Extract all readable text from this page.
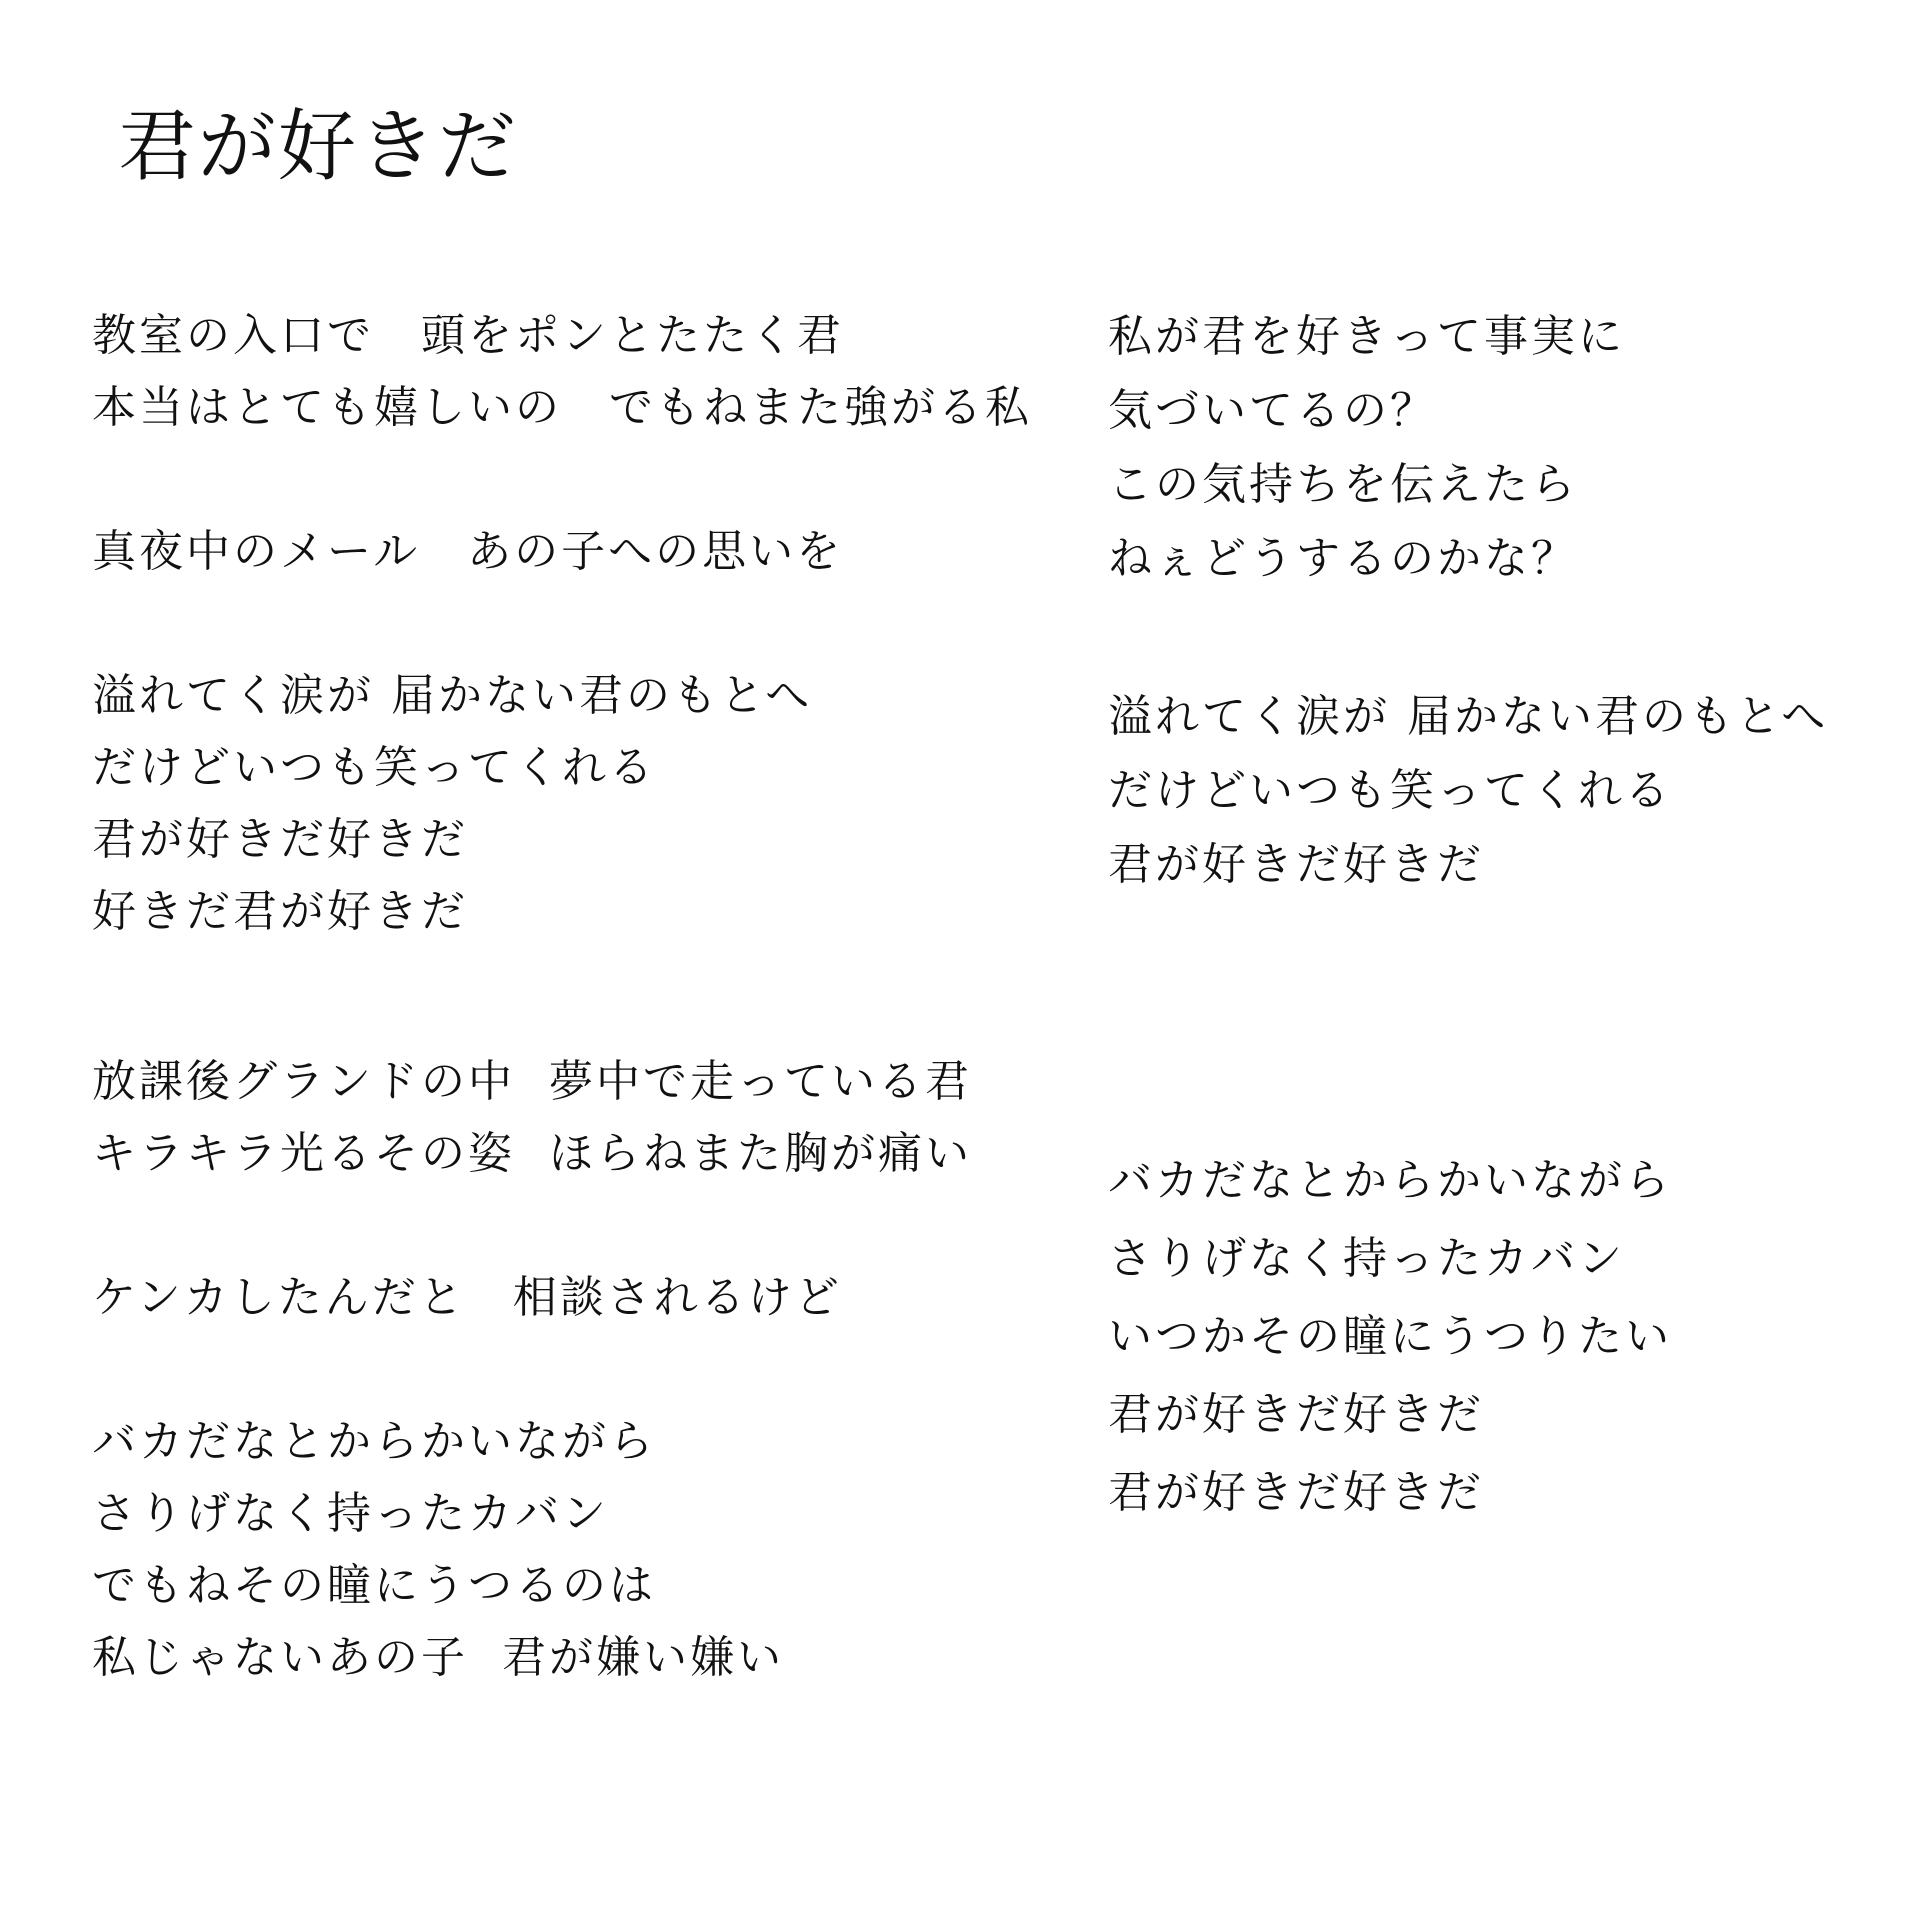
君が好きだ
教室の入口で　頭をポンとたたく君
本当はとても嬉しいの　でもねまた強がる私
真夜中のメール　あの子への思いを
溢れてく涙が 届かない君のもとへ
だけどいつも笑ってくれる
君が好きだ好きだ
好きだ君が好きだ
放課後グランドの中  夢中で走っている君
キラキラ光るその姿  ほらねまた胸が痛い
ケンカしたんだと　相談されるけど
バカだなとからかいながら
さりげなく持ったカバン
でもねその瞳にうつるのは
私じゃないあの子  君が嫌い嫌い
私が君を好きって事実に
気づいてるの？
この気持ちを伝えたら
ねぇどうするのかな？
溢れてく涙が 届かない君のもとへ
だけどいつも笑ってくれる
君が好きだ好きだ
バカだなとからかいながら
さりげなく持ったカバン
いつかその瞳にうつりたい
君が好きだ好きだ
君が好きだ好きだ
